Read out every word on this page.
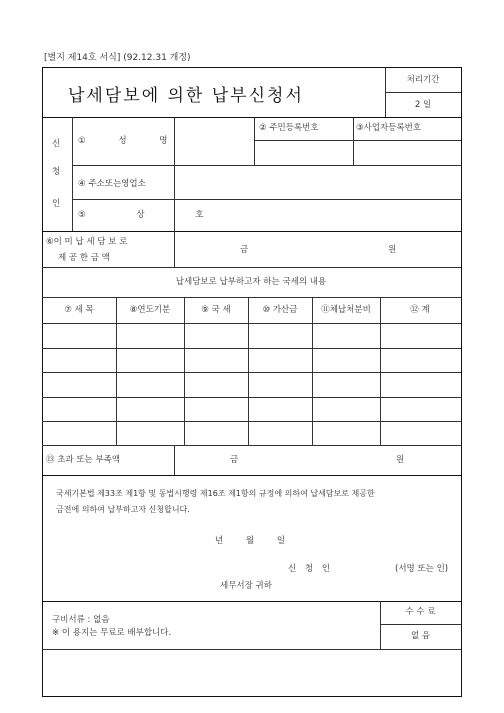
[별지 제14호 서식] (92.12.31 개정)
납세담보에 의한 납부신청서
처리기간
2 일
신
청
인
① 성 명
② 주민등록번호	③사업자등록번호
④ 주소또는영업소
⑤ 상 호
⑥이 미 납 세 담 보 로
제 공 한 금 액
금	원
납세담보로 납부하고자 하는 국세의 내용
⑦ 세 목	⑧연도기분	⑨ 국 세	⑩ 가산금	⑪체납처분비	⑫ 계
⑬ 초과 또는 부족액	금	원
국세기본법 제33조 제1항 및 동법시행령 제16조 제1항의 규정에 의하여 납세담보로 제공한
금전에 의하여 납부하고자 신청합니다.
년 월 일
신 청 인	(서명 또는 인)
세무서장 귀하
구비서류 : 없음
※ 이 용지는 무료로 배부합니다.
수 수 료
없 음
